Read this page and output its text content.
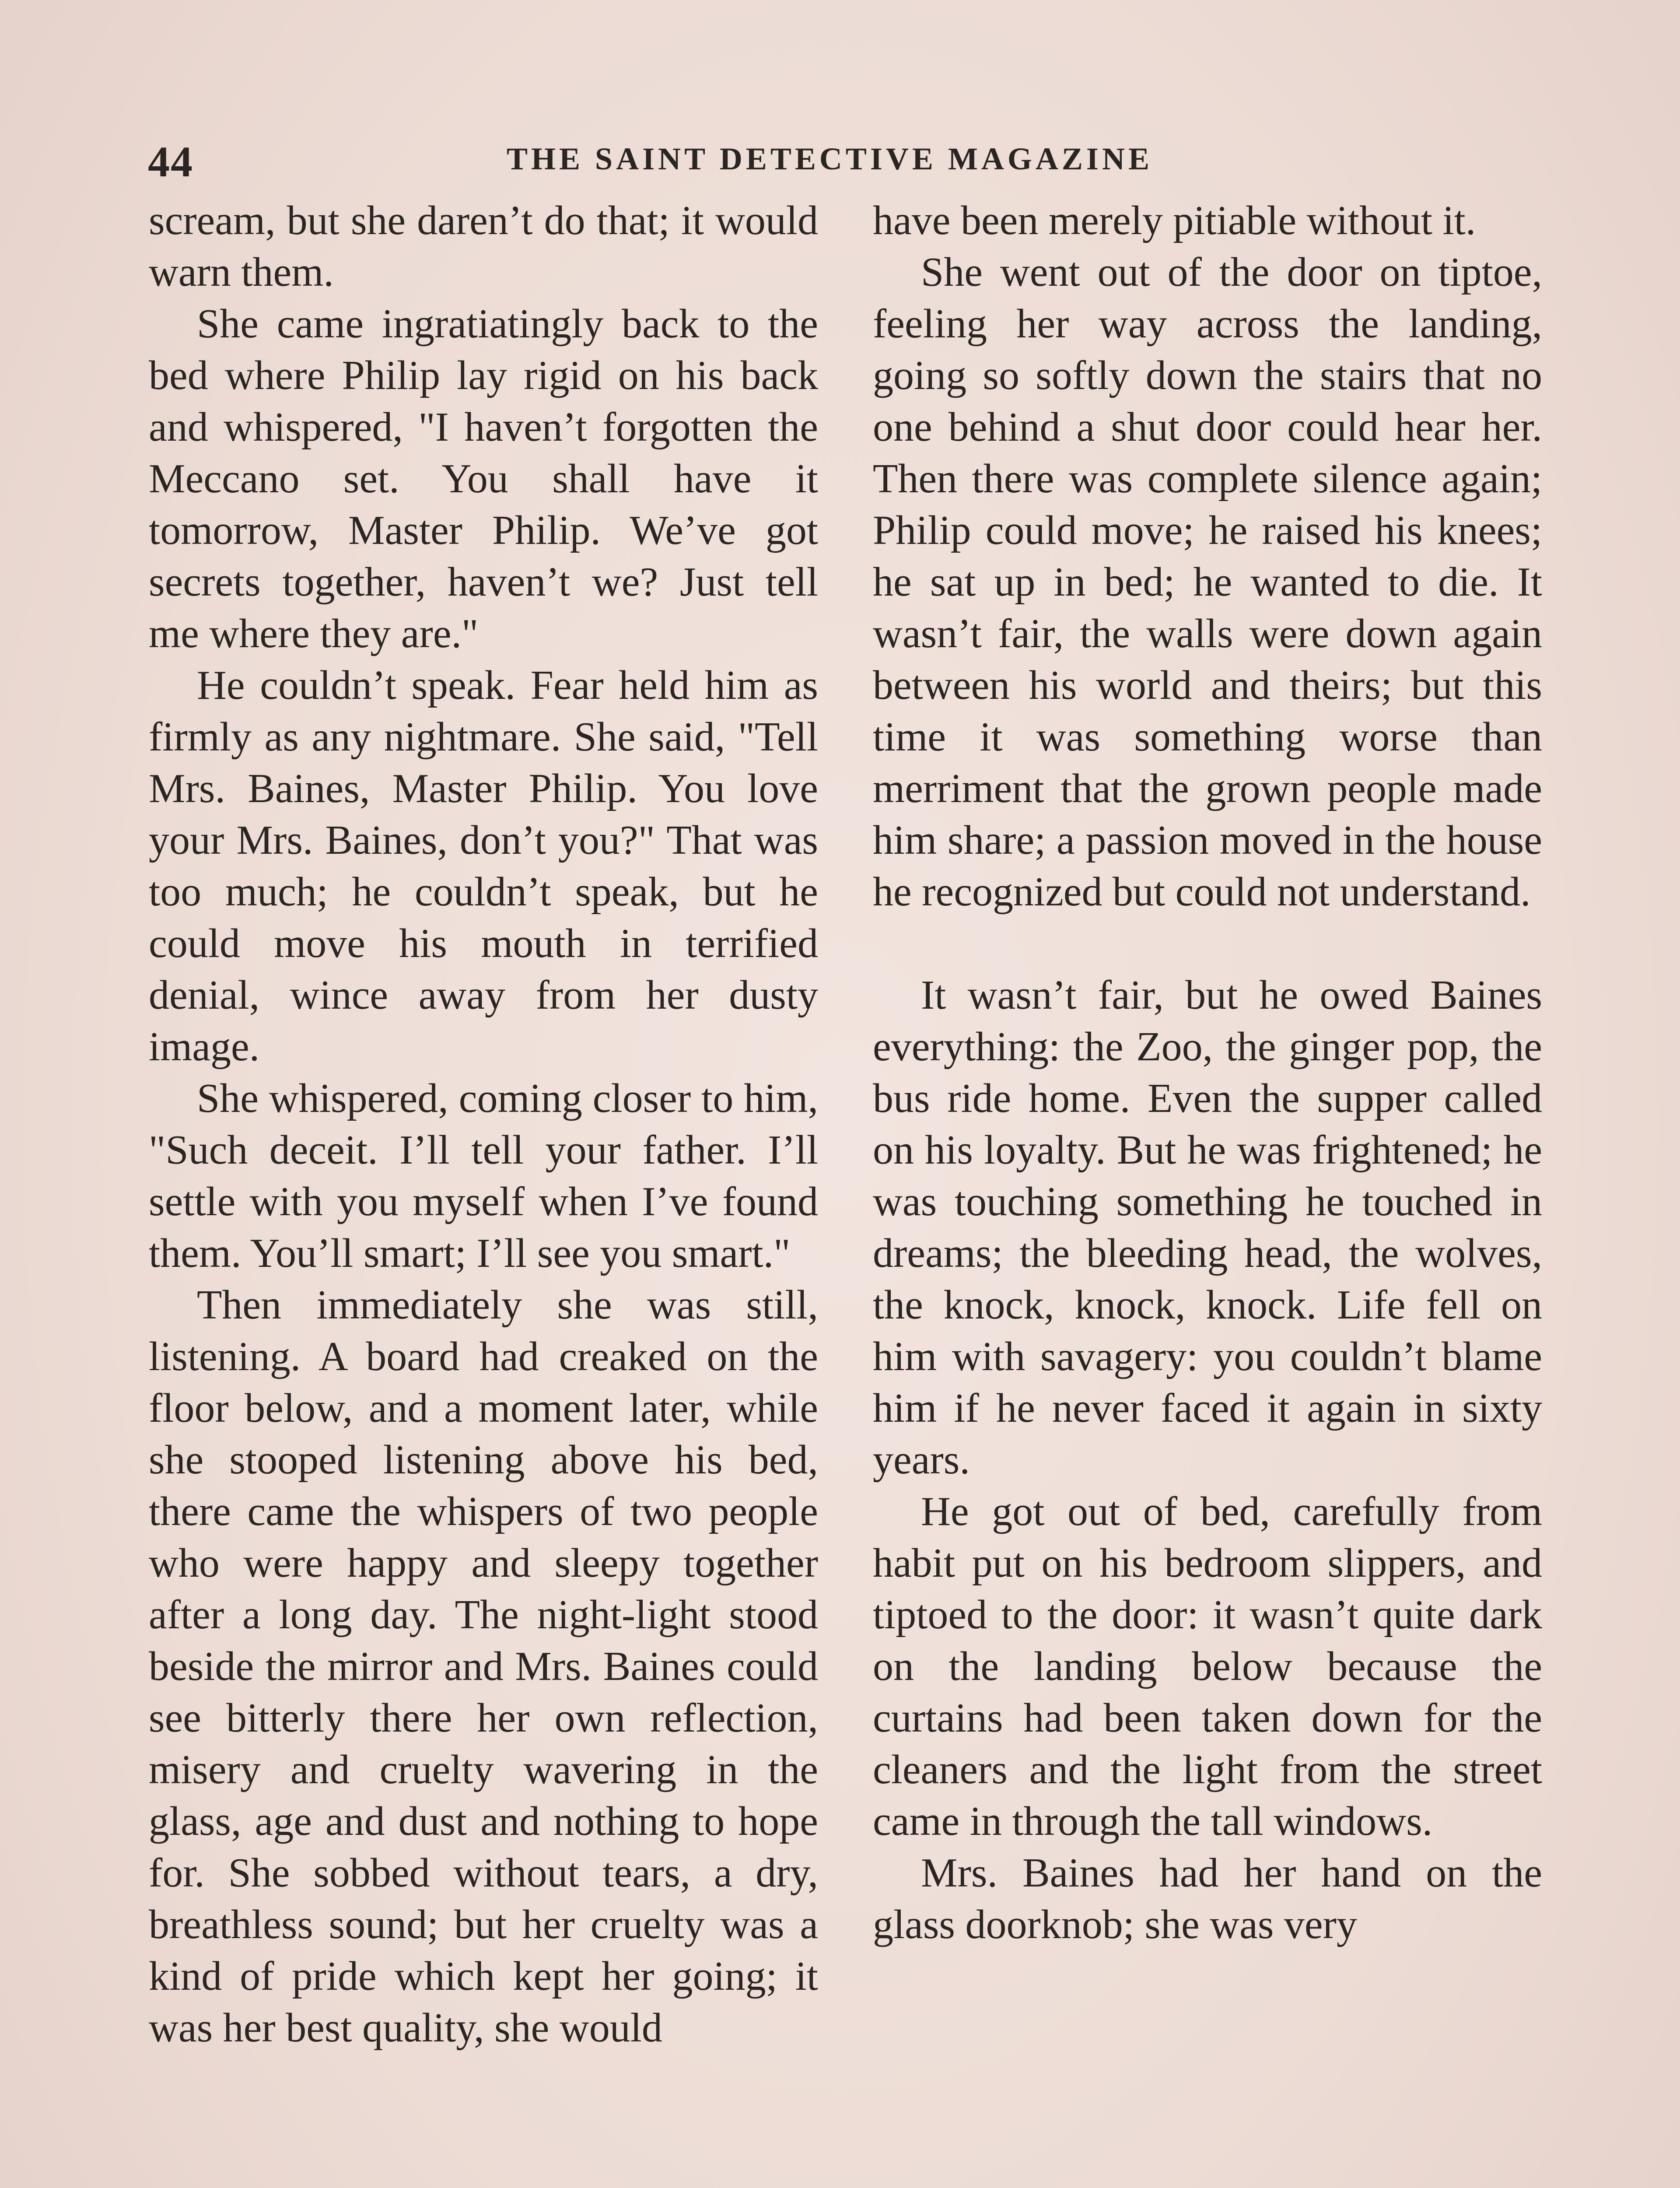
44	THE SAINT DETECTIVE MAGAZINE

scream, but she daren’t do that; it would warn them.

She came ingratiatingly back to the bed where Philip lay rigid on his back and whispered, "I haven’t forgotten the Meccano set. You shall have it tomorrow, Master Philip. We’ve got secrets together, haven’t we? Just tell me where they are."

He couldn’t speak. Fear held him as firmly as any nightmare. She said, "Tell Mrs. Baines, Master Philip. You love your Mrs. Baines, don’t you?" That was too much; he couldn’t speak, but he could move his mouth in terrified denial, wince away from her dusty image.

She whispered, coming closer to him, "Such deceit. I’ll tell your father. I’ll settle with you myself when I’ve found them. You’ll smart; I’ll see you smart."

Then immediately she was still, listening. A board had creaked on the floor below, and a moment later, while she stooped listening above his bed, there came the whispers of two people who were happy and sleepy together after a long day. The night-light stood beside the mirror and Mrs. Baines could see bitterly there her own reflection, misery and cruelty wavering in the glass, age and dust and nothing to hope for. She sobbed without tears, a dry, breathless sound; but her cruelty was a kind of pride which kept her going; it was her best quality, she would

have been merely pitiable without it.

She went out of the door on tiptoe, feeling her way across the landing, going so softly down the stairs that no one behind a shut door could hear her. Then there was complete silence again; Philip could move; he raised his knees; he sat up in bed; he wanted to die. It wasn’t fair, the walls were down again between his world and theirs; but this time it was something worse than merriment that the grown people made him share; a passion moved in the house he recognized but could not understand.

It wasn’t fair, but he owed Baines everything: the Zoo, the ginger pop, the bus ride home. Even the supper called on his loyalty. But he was frightened; he was touching something he touched in dreams; the bleeding head, the wolves, the knock, knock, knock. Life fell on him with savagery: you couldn’t blame him if he never faced it again in sixty years.

He got out of bed, carefully from habit put on his bedroom slippers, and tiptoed to the door: it wasn’t quite dark on the landing below because the curtains had been taken down for the cleaners and the light from the street came in through the tall windows.

Mrs. Baines had her hand on the glass doorknob; she was very
